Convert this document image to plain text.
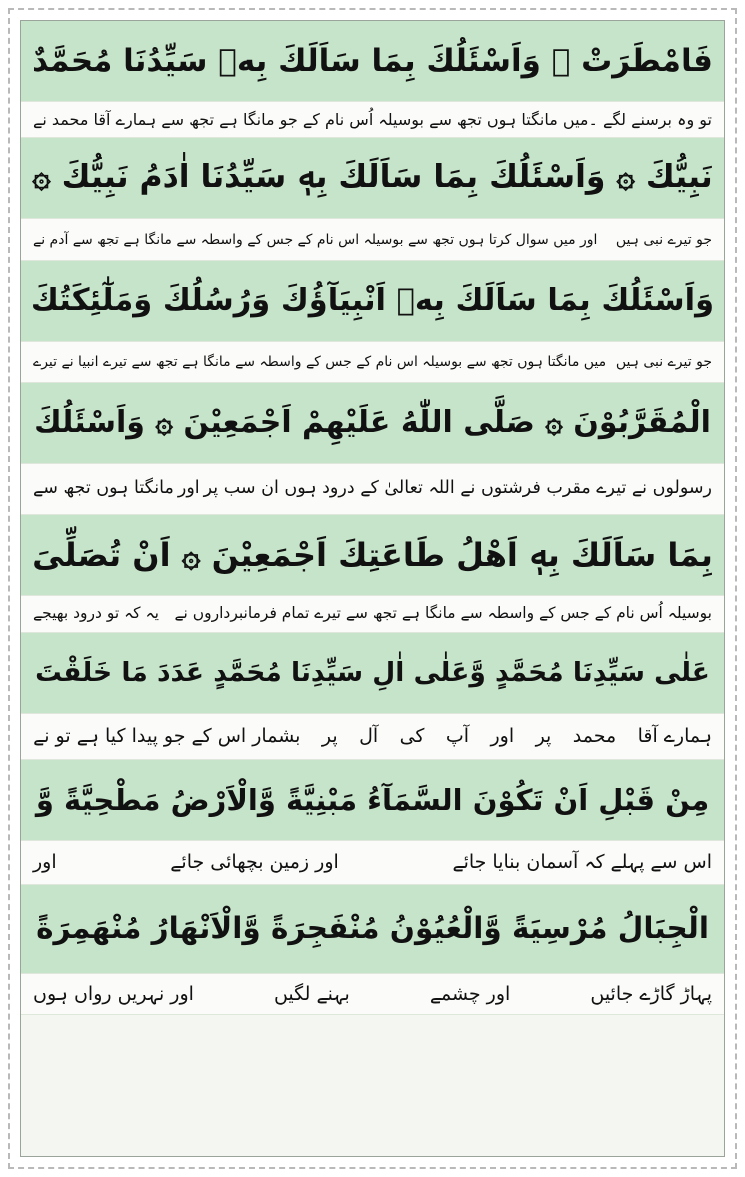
فَامْطَرَتْ ۞ وَاَسْئَلُكَ بِمَا سَاَلَكَ بِهٖ سَيِّدُنَا مُحَمَّدٌ
تو وہ برسنے لگے ۔
میں مانگتا ہوں تجھ سے بوسیلہ اُس نام کے جو مانگا ہے تجھ سے ہمارے آقا محمد نے
نَبِيُّكَ ۞ وَاَسْئَلُكَ بِمَا سَاَلَكَ بِهٖ سَيِّدُنَا اٰدَمُ نَبِيُّكَ ۞
جو تیرے نبی ہیں
اور میں سوال کرتا ہوں تجھ سے بوسیلہ اس نام کے جس کے واسطہ سے مانگا ہے تجھ سے آدم نے
وَاَسْئَلُكَ بِمَا سَاَلَكَ بِهٖ اَنْبِيَآؤُكَ وَرُسُلُكَ وَمَلٰٓئِكَتُكَ
جو تیرے نبی ہیں
میں مانگتا ہوں تجھ سے بوسیلہ اس نام کے جس کے واسطہ سے مانگا ہے تجھ سے تیرے انبیا نے تیرے
الْمُقَرَّبُوْنَ ۞ صَلَّى اللّٰهُ عَلَيْهِمْ اَجْمَعِيْنَ ۞ وَاَسْئَلُكَ
رسولوں نے تیرے مقرب فرشتوں نے اللہ تعالیٰ کے درود ہوں ان سب پر
اور
مانگتا ہوں تجھ سے
بِمَا سَاَلَكَ بِهٖ اَهْلُ طَاعَتِكَ اَجْمَعِيْنَ ۞ اَنْ تُصَلِّىَ
بوسیلہ اُس نام کے جس کے واسطہ سے مانگا ہے تجھ سے تیرے تمام فرمانبرداروں نے
یہ کہ تو درود بھیجے
عَلٰى سَيِّدِنَا مُحَمَّدٍ وَّعَلٰى اٰلِ سَيِّدِنَا مُحَمَّدٍ عَدَدَ مَا خَلَقْتَ
ہمارے آقا
محمد
پر
اور
آپ
کی
آل
پر
بشمار اس کے جو پیدا کیا ہے تو نے
مِنْ قَبْلِ اَنْ تَكُوْنَ السَّمَآءُ مَبْنِيَّةً وَّالْاَرْضُ مَطْحِيَّةً وَّ
اس سے پہلے کہ آسمان بنایا جائے
اور زمین بچھائی جائے
اور
الْجِبَالُ مُرْسِيَةً وَّالْعُيُوْنُ مُنْفَجِرَةً وَّالْاَنْهَارُ مُنْهَمِرَةً
پہاڑ گاڑے جائیں
اور چشمے
بہنے لگیں
اور نہریں رواں ہوں
